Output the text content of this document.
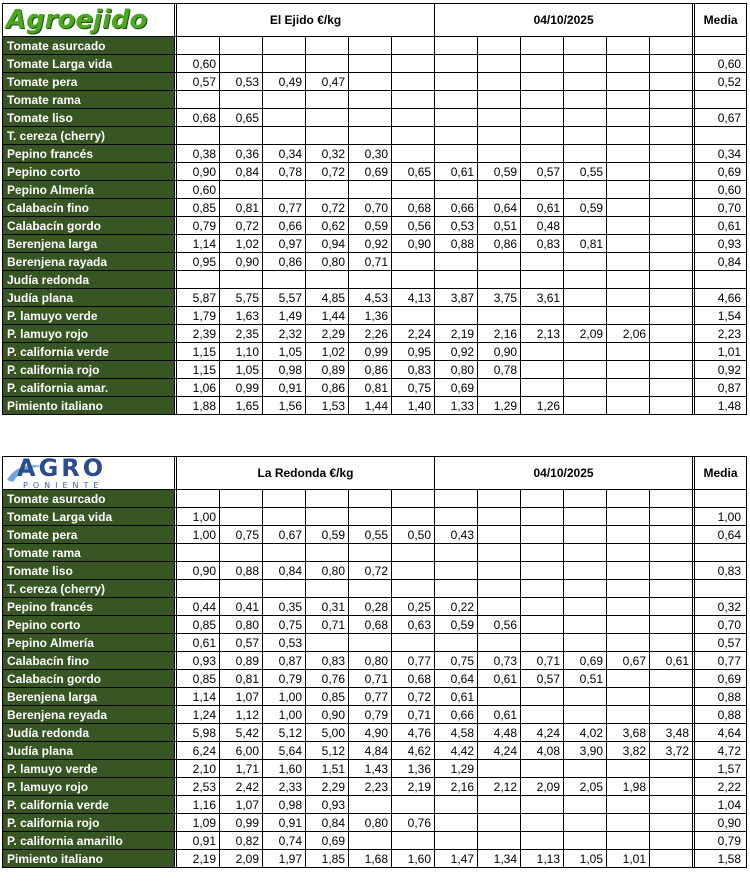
Agroejido		El Ejido €/kg						04/10/2025							Media
Tomate asurcado															
Tomate Larga vida		0,60													0,60
Tomate pera		0,57	0,53	0,49	0,47										0,52
Tomate rama															
Tomate liso		0,68	0,65												0,67
T. cereza (cherry)															
Pepino francés		0,38	0,36	0,34	0,32	0,30									0,34
Pepino corto		0,90	0,84	0,78	0,72	0,69	0,65	0,61	0,59	0,57	0,55				0,69
Pepino Almería		0,60													0,60
Calabacín fino		0,85	0,81	0,77	0,72	0,70	0,68	0,66	0,64	0,61	0,59				0,70
Calabacín gordo		0,79	0,72	0,66	0,62	0,59	0,56	0,53	0,51	0,48					0,61
Berenjena larga		1,14	1,02	0,97	0,94	0,92	0,90	0,88	0,86	0,83	0,81				0,93
Berenjena rayada		0,95	0,90	0,86	0,80	0,71									0,84
Judía redonda															
Judía plana		5,87	5,75	5,57	4,85	4,53	4,13	3,87	3,75	3,61					4,66
P. lamuyo verde		1,79	1,63	1,49	1,44	1,36									1,54
P. lamuyo rojo		2,39	2,35	2,32	2,29	2,26	2,24	2,19	2,16	2,13	2,09	2,06			2,23
P. california verde		1,15	1,10	1,05	1,02	0,99	0,95	0,92	0,90						1,01
P. california rojo		1,15	1,05	0,98	0,89	0,86	0,83	0,80	0,78						0,92
P. california amar.		1,06	0,99	0,91	0,86	0,81	0,75	0,69							0,87
Pimiento italiano		1,88	1,65	1,56	1,53	1,44	1,40	1,33	1,29	1,26					1,48
AGRO
PONIENTE		La Redonda €/kg						04/10/2025							Media
Tomate asurcado															
Tomate Larga vida		1,00													1,00
Tomate pera		1,00	0,75	0,67	0,59	0,55	0,50	0,43							0,64
Tomate rama															
Tomate liso		0,90	0,88	0,84	0,80	0,72									0,83
T. cereza (cherry)															
Pepino francés		0,44	0,41	0,35	0,31	0,28	0,25	0,22							0,32
Pepino corto		0,85	0,80	0,75	0,71	0,68	0,63	0,59	0,56						0,70
Pepino Almería		0,61	0,57	0,53											0,57
Calabacín fino		0,93	0,89	0,87	0,83	0,80	0,77	0,75	0,73	0,71	0,69	0,67	0,61		0,77
Calabacín gordo		0,85	0,81	0,79	0,76	0,71	0,68	0,64	0,61	0,57	0,51				0,69
Berenjena larga		1,14	1,07	1,00	0,85	0,77	0,72	0,61							0,88
Berenjena reyada		1,24	1,12	1,00	0,90	0,79	0,71	0,66	0,61						0,88
Judía redonda		5,98	5,42	5,12	5,00	4,90	4,76	4,58	4,48	4,24	4,02	3,68	3,48		4,64
Judía plana		6,24	6,00	5,64	5,12	4,84	4,62	4,42	4,24	4,08	3,90	3,82	3,72		4,72
P. lamuyo verde		2,10	1,71	1,60	1,51	1,43	1,36	1,29							1,57
P. lamuyo rojo		2,53	2,42	2,33	2,29	2,23	2,19	2,16	2,12	2,09	2,05	1,98			2,22
P. california verde		1,16	1,07	0,98	0,93										1,04
P. california rojo		1,09	0,99	0,91	0,84	0,80	0,76								0,90
P. california amarillo		0,91	0,82	0,74	0,69										0,79
Pimiento italiano		2,19	2,09	1,97	1,85	1,68	1,60	1,47	1,34	1,13	1,05	1,01			1,58
